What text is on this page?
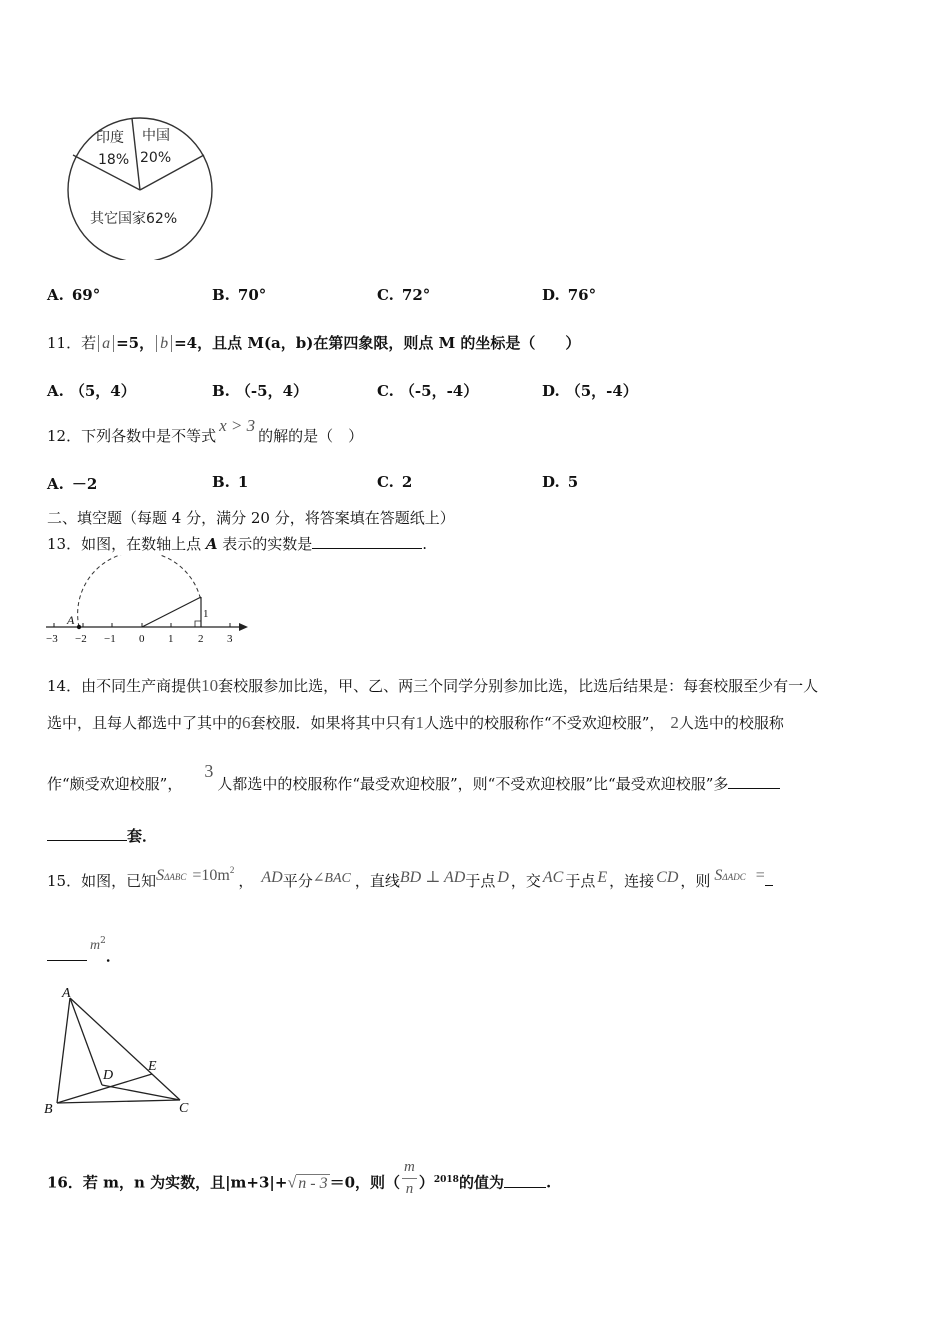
印度
18%
中国
20%
其它国家62%
A. 69°	B. 70°	C. 72°	D. 76°
11．若 a =5， b =4，且点 M(a，b)在第四象限，则点 M 的坐标是（　　）
A. （5，4）	B. （-5，4）	C. （-5，-4）	D. （5，-4）
12．下列各数中是不等式x > 3的解的是（　）
A. －2	B. 1	C. 2	D. 5
二、填空题（每题 4 分，满分 20 分，将答案填在答题纸上）
13．如图，在数轴上点 A 表示的实数是	.
A	1
−3 −2 −1 0 1 2 3
14．由不同生产商提供10套校服参加比选，甲、乙、两三个同学分别参加比选，比选后结果是：每套校服至少有一人
选中，且每人都选中了其中的6套校服．如果将其中只有1人选中的校服称作“不受欢迎校服”， 2人选中的校服称
作“颇受欢迎校服”，3人都选中的校服称作“最受欢迎校服”，则“不受欢迎校服”比“最受欢迎校服”多
套．
15．如图，已知$S\Delta ABC =10m^2$， AD平分∠BAC ，直线BD ⊥ AD于点 D ，交 AC 于点 E ，连接 CD ，则 SΔADC =
$m^2$．
A
B	C
D
E
16．若 m，n 为实数，且|m+3|+√ n - 3 ＝0，则（ $\frac{m}{n} )^{2018}$的值为	.
